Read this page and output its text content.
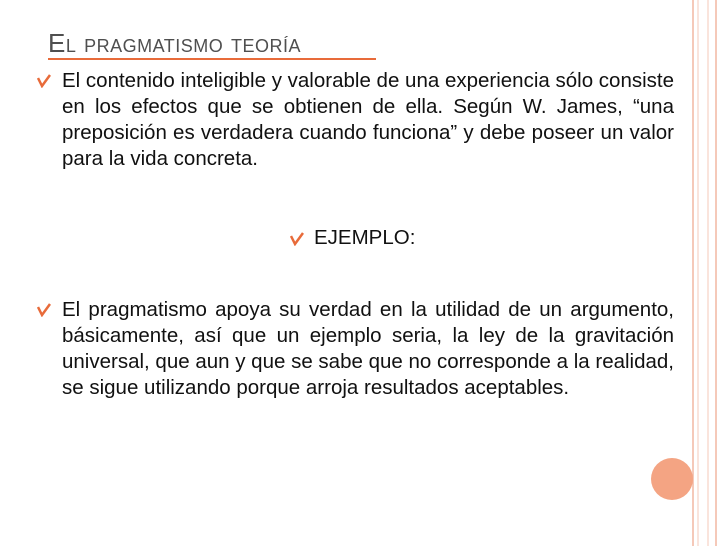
El pragmatismo teoría
El contenido inteligible y valorable de una experiencia sólo consiste en los efectos que se obtienen de ella. Según W. James, “una preposición es verdadera cuando funciona” y debe poseer un valor para la vida concreta.
EJEMPLO:
El pragmatismo apoya su verdad en la utilidad de un argumento, básicamente, así que un ejemplo seria, la ley de la gravitación universal, que aun y que se sabe que no corresponde a la realidad, se sigue utilizando porque arroja resultados aceptables.
